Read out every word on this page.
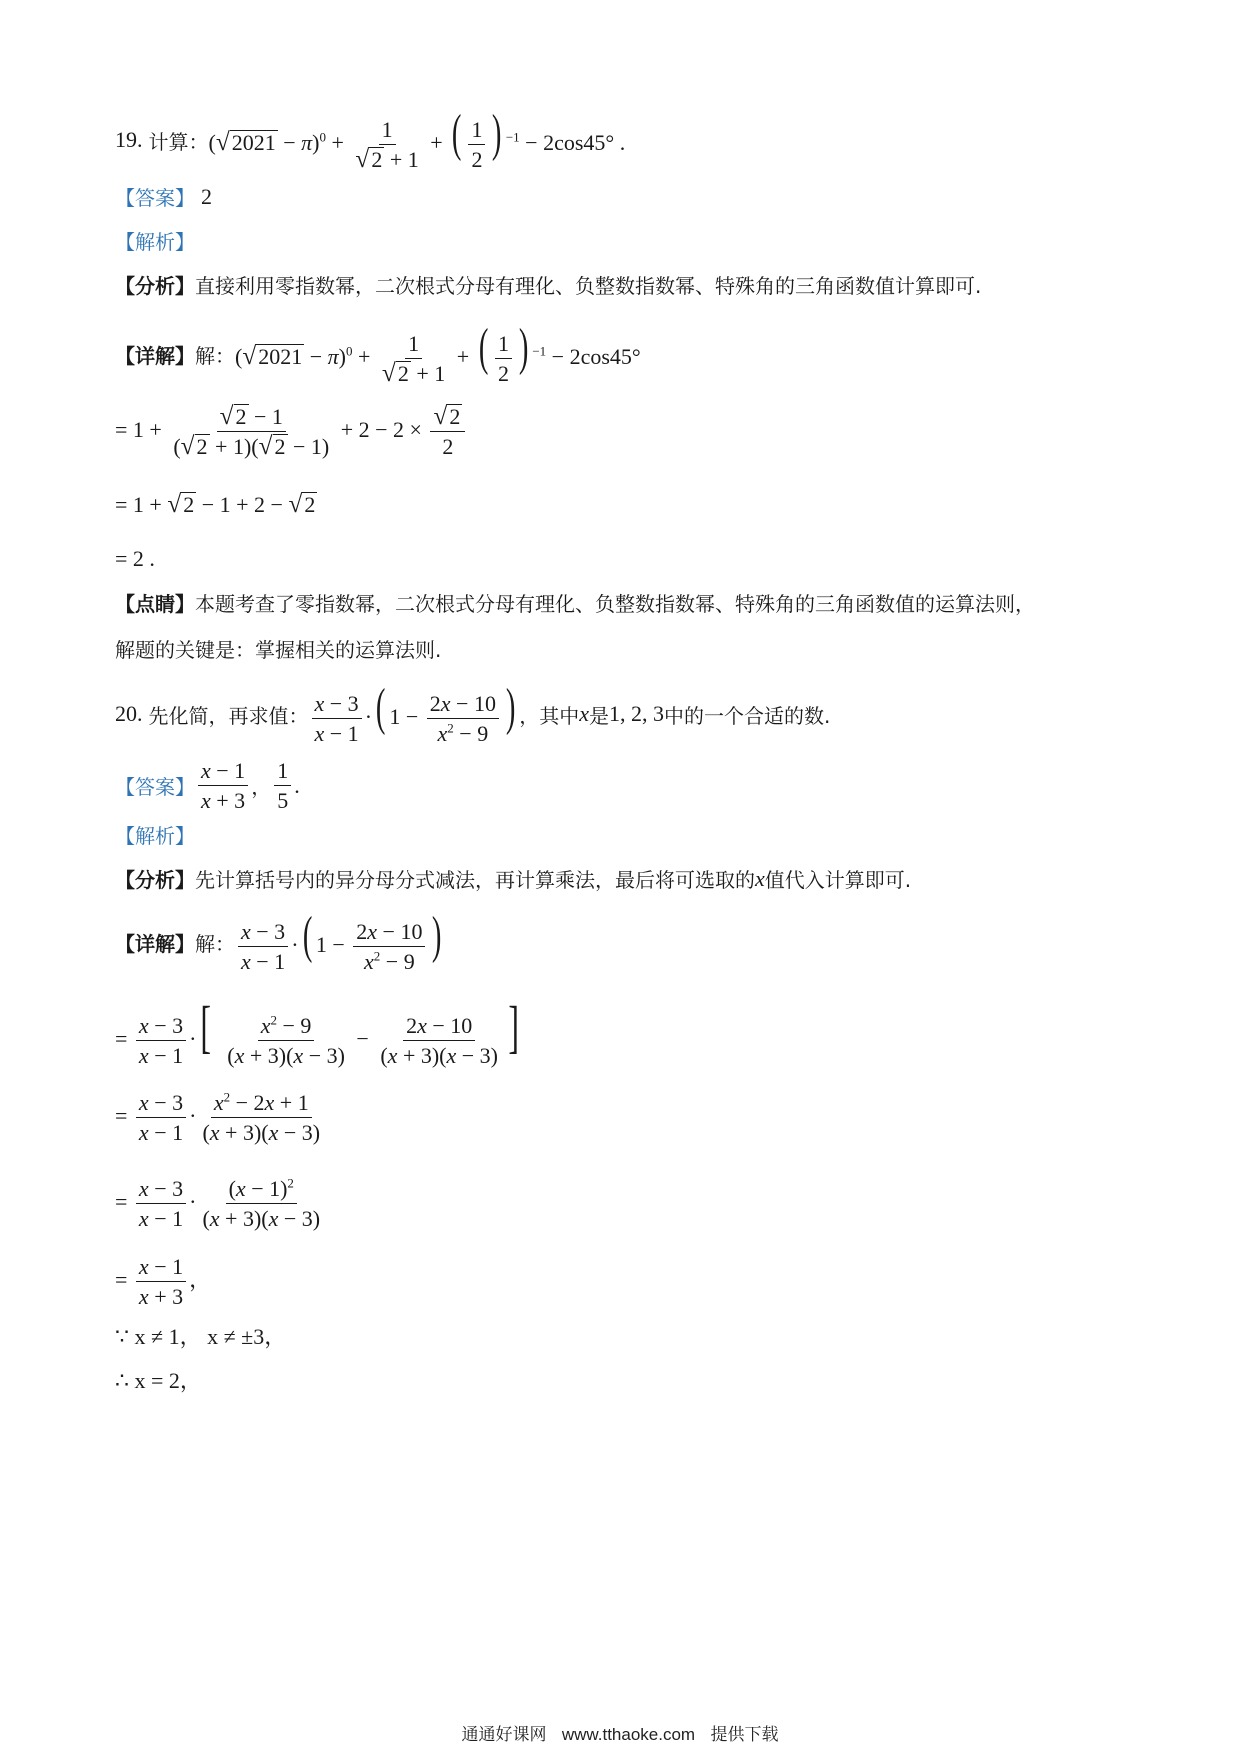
19. 计算： ( √ $2021 - \pi)^0 + \frac{1}{√ 2 + 1}$ + ( $\frac{1}{2}$ ) $^{-1}$ − 2cos45° .
【答案】 2
【解析】
【分析】 直接利用零指数幂，二次根式分母有理化、负整数指数幂、特殊角的三角函数值计算即可.
【详解】 解： ( √ $2021 - \pi)^0 + \frac{1}{√ 2 + 1}$ + ( $\frac{1}{2}$ ) $^{-1}$ − 2cos45°
= $1 + \frac{√ 2 - 1}{( √ 2 + 1)( √ 2 - 1)} + 2 - 2 \times \frac{√ 2}{2}$
= 1 + √ 2 − 1 + 2 − √ 2
= 2 .
【点睛】 本题考查了零指数幂，二次根式分母有理化、负整数指数幂、特殊角的三角函数值的运算法则，
解题的关键是：掌握相关的运算法则.
20. 先化简，再求值： $\frac{x - 3}{x - 1}$ ·( $1 - \frac{2x - 10}{x^2 - 9}$ ) ，其中 x 是 1, 2, 3 中的一个合适的数.
【答案】 $\frac{x - 1}{x + 3}$ ， $\frac{1}{5}$ .
【解析】
【分析】 先计算括号内的异分母分式减法，再计算乘法，最后将可选取的 x 值代入计算即可.
【详解】 解： $\frac{x - 3}{x - 1}$ ·( $1 - \frac{2x - 10}{x^2 - 9}$ )
= $\frac{x - 3}{x - 1}$ ·[ $\frac{x^2 - 9}{(x + 3)(x - 3)} - \frac{2x - 10}{(x + 3)(x - 3)}$ ]
= $\frac{x - 3}{x - 1} \cdot \frac{x^2 - 2x + 1}{(x + 3)(x - 3)}$
= $\frac{x - 3}{x - 1} \cdot \frac{(x - 1)^2}{(x + 3)(x - 3)}$
= $\frac{x - 1}{x + 3}$ ，
∵ x ≠ 1， x ≠ ±3，
∴ x = 2，
通通好课网 www.tthaoke.com 提供下载
